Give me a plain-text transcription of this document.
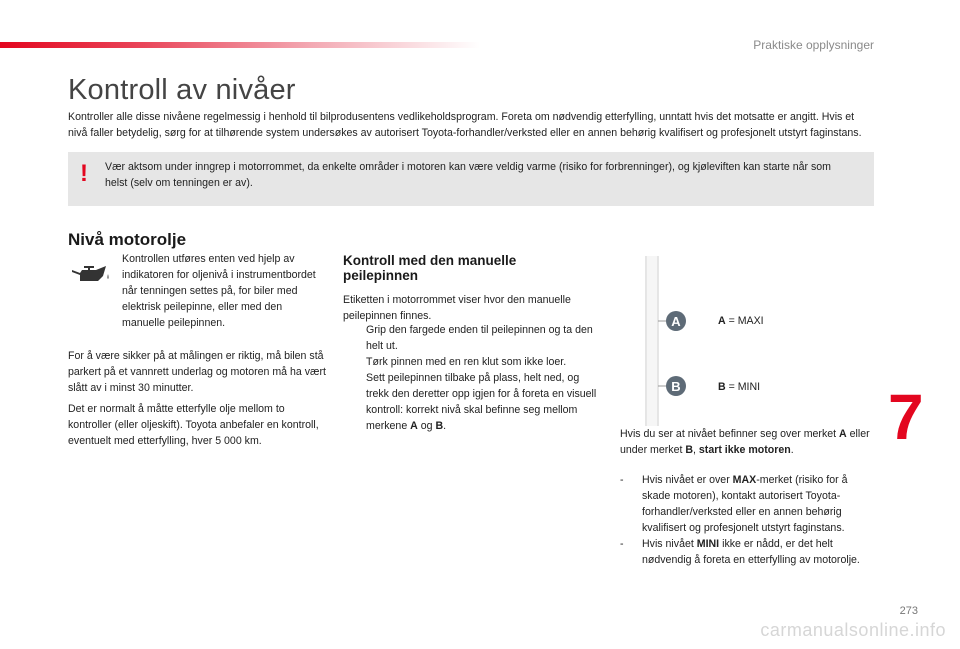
Praktiske opplysninger
Kontroll av nivåer

Kontroller alle disse nivåene regelmessig i henhold til bilprodusentens vedlikeholdsprogram. Foreta om nødvendig etterfylling, unntatt hvis det motsatte er angitt. Hvis et nivå faller betydelig, sørg for at tilhørende system undersøkes av autorisert Toyota-forhandler/verksted eller en annen behørig kvalifisert og profesjonelt utstyrt faginstans.

! Vær aktsom under inngrep i motorrommet, da enkelte områder i motoren kan være veldig varme (risiko for forbrenninger), og kjøleviften kan starte når som helst (selv om tenningen er av).

Nivå motorolje

Kontrollen utføres enten ved hjelp av indikatoren for oljenivå i instrumentbordet når tenningen settes på, for biler med elektrisk peilepinne, eller med den manuelle peilepinnen.

For å være sikker på at målingen er riktig, må bilen stå parkert på et vannrett underlag og motoren må ha vært slått av i minst 30 minutter.

Det er normalt å måtte etterfylle olje mellom to kontroller (eller oljeskift). Toyota anbefaler en kontroll, eventuelt med etterfylling, hver 5 000 km.

Kontroll med den manuelle peilepinnen

Etiketten i motorrommet viser hvor den manuelle peilepinnen finnes.

Grip den fargede enden til peilepinnen og ta den helt ut.
Tørk pinnen med en ren klut som ikke loer.
Sett peilepinnen tilbake på plass, helt ned, og trekk den deretter opp igjen for å foreta en visuell kontroll: korrekt nivå skal befinne seg mellom merkene A og B.
A
B
A = MAXI
B = MINI

Hvis du ser at nivået befinner seg over merket A eller under merket B, start ikke motoren.

- Hvis nivået er over MAX-merket (risiko for å skade motoren), kontakt autorisert Toyota-forhandler/verksted eller en annen behørig kvalifisert og profesjonelt utstyrt faginstans.
- Hvis nivået MINI ikke er nådd, er det helt nødvendig å foreta en etterfylling av motorolje.
7
273
carmanualsonline.info
